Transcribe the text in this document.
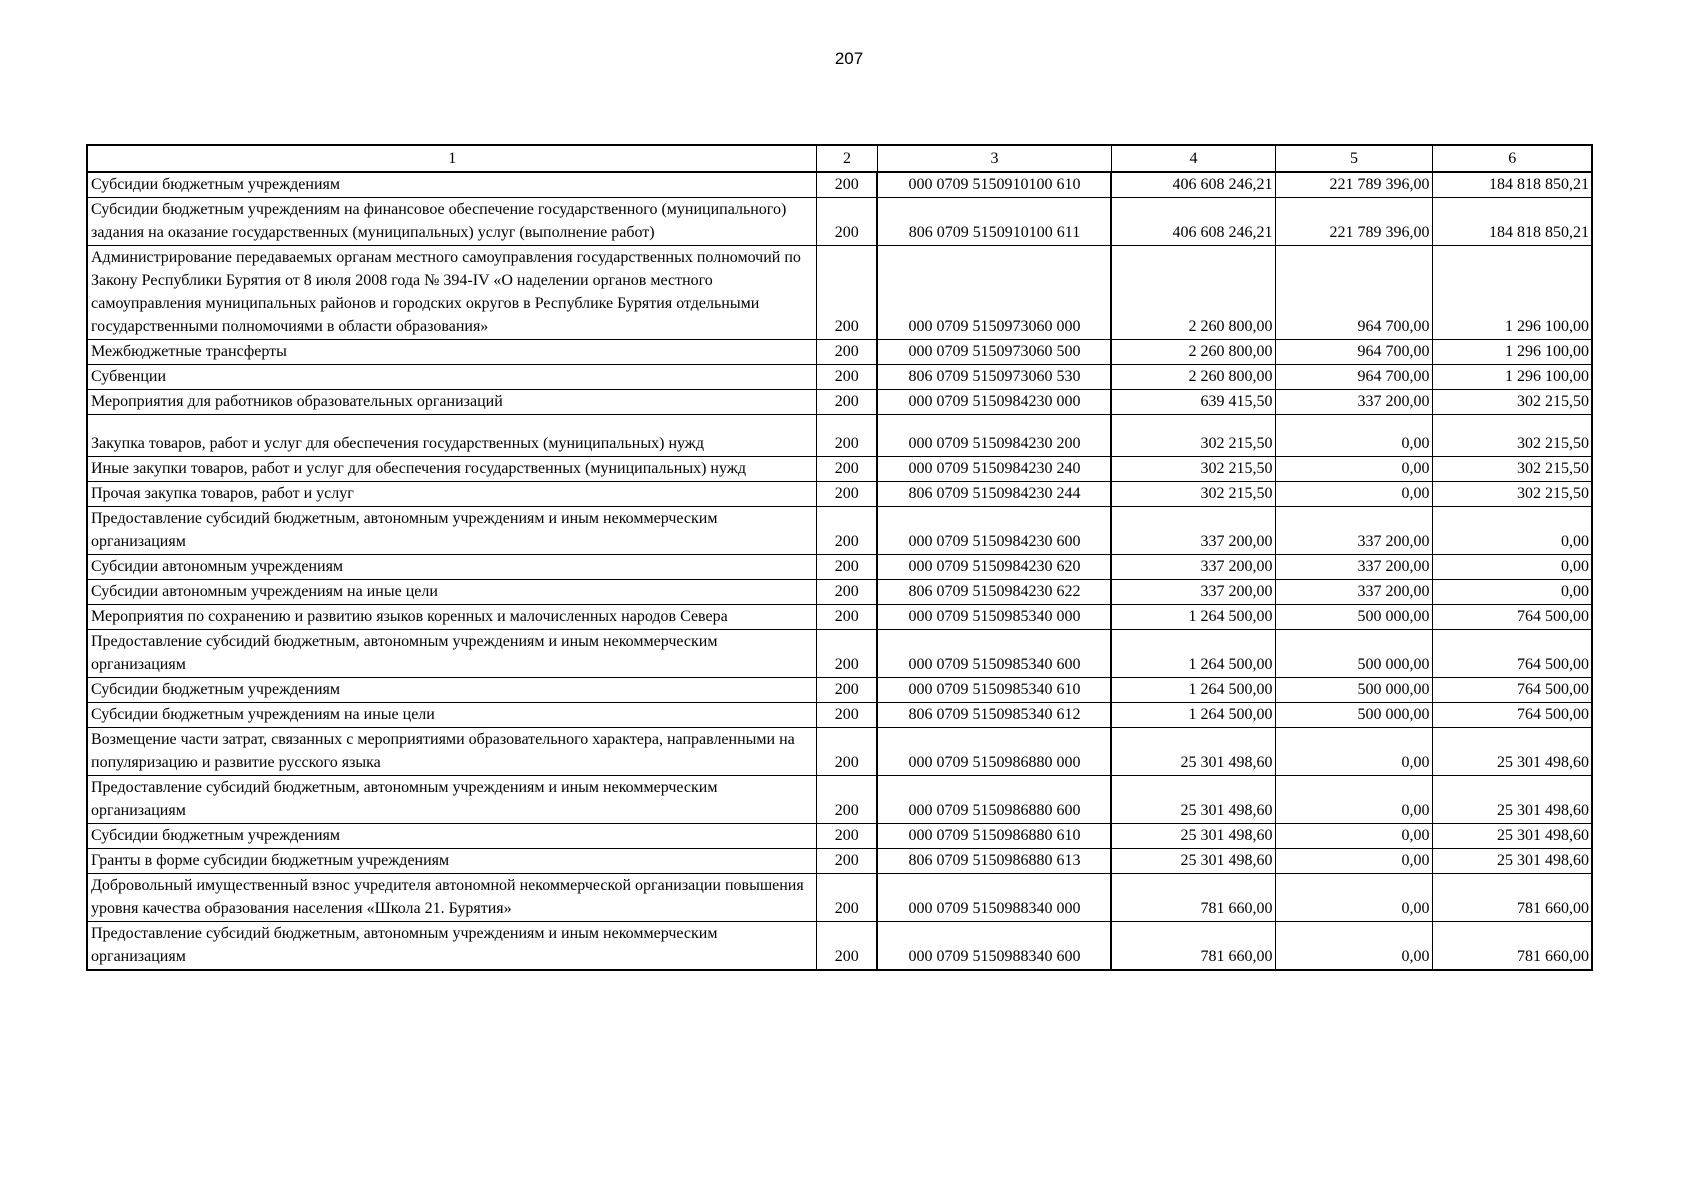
207
1	2	3	4	5	6
Субсидии бюджетным учреждениям	200	000 0709 5150910100 610	406 608 246,21	221 789 396,00	184 818 850,21
Субсидии бюджетным учреждениям на финансовое обеспечение государственного (муниципального) задания на оказание государственных (муниципальных) услуг (выполнение работ)	200	806 0709 5150910100 611	406 608 246,21	221 789 396,00	184 818 850,21
Администрирование передаваемых органам местного самоуправления государственных полномочий по Закону Республики Бурятия от 8 июля 2008 года № 394-IV «О наделении органов местного самоуправления муниципальных районов и городских округов в Республике Бурятия отдельными государственными полномочиями в области образования»	200	000 0709 5150973060 000	2 260 800,00	964 700,00	1 296 100,00
Межбюджетные трансферты	200	000 0709 5150973060 500	2 260 800,00	964 700,00	1 296 100,00
Субвенции	200	806 0709 5150973060 530	2 260 800,00	964 700,00	1 296 100,00
Мероприятия для работников образовательных организаций	200	000 0709 5150984230 000	639 415,50	337 200,00	302 215,50
Закупка товаров, работ и услуг для обеспечения государственных (муниципальных) нужд	200	000 0709 5150984230 200	302 215,50	0,00	302 215,50
Иные закупки товаров, работ и услуг для обеспечения государственных (муниципальных) нужд	200	000 0709 5150984230 240	302 215,50	0,00	302 215,50
Прочая закупка товаров, работ и услуг	200	806 0709 5150984230 244	302 215,50	0,00	302 215,50
Предоставление субсидий бюджетным, автономным учреждениям и иным некоммерческим организациям	200	000 0709 5150984230 600	337 200,00	337 200,00	0,00
Субсидии автономным учреждениям	200	000 0709 5150984230 620	337 200,00	337 200,00	0,00
Субсидии автономным учреждениям на иные цели	200	806 0709 5150984230 622	337 200,00	337 200,00	0,00
Мероприятия по сохранению и развитию языков коренных и малочисленных народов Севера	200	000 0709 5150985340 000	1 264 500,00	500 000,00	764 500,00
Предоставление субсидий бюджетным, автономным учреждениям и иным некоммерческим организациям	200	000 0709 5150985340 600	1 264 500,00	500 000,00	764 500,00
Субсидии бюджетным учреждениям	200	000 0709 5150985340 610	1 264 500,00	500 000,00	764 500,00
Субсидии бюджетным учреждениям на иные цели	200	806 0709 5150985340 612	1 264 500,00	500 000,00	764 500,00
Возмещение части затрат, связанных с мероприятиями образовательного характера, направленными на популяризацию и развитие русского языка	200	000 0709 5150986880 000	25 301 498,60	0,00	25 301 498,60
Предоставление субсидий бюджетным, автономным учреждениям и иным некоммерческим организациям	200	000 0709 5150986880 600	25 301 498,60	0,00	25 301 498,60
Субсидии бюджетным учреждениям	200	000 0709 5150986880 610	25 301 498,60	0,00	25 301 498,60
Гранты в форме субсидии бюджетным учреждениям	200	806 0709 5150986880 613	25 301 498,60	0,00	25 301 498,60
Добровольный имущественный взнос учредителя автономной некоммерческой организации повышения уровня качества образования населения «Школа 21. Бурятия»	200	000 0709 5150988340 000	781 660,00	0,00	781 660,00
Предоставление субсидий бюджетным, автономным учреждениям и иным некоммерческим организациям	200	000 0709 5150988340 600	781 660,00	0,00	781 660,00
